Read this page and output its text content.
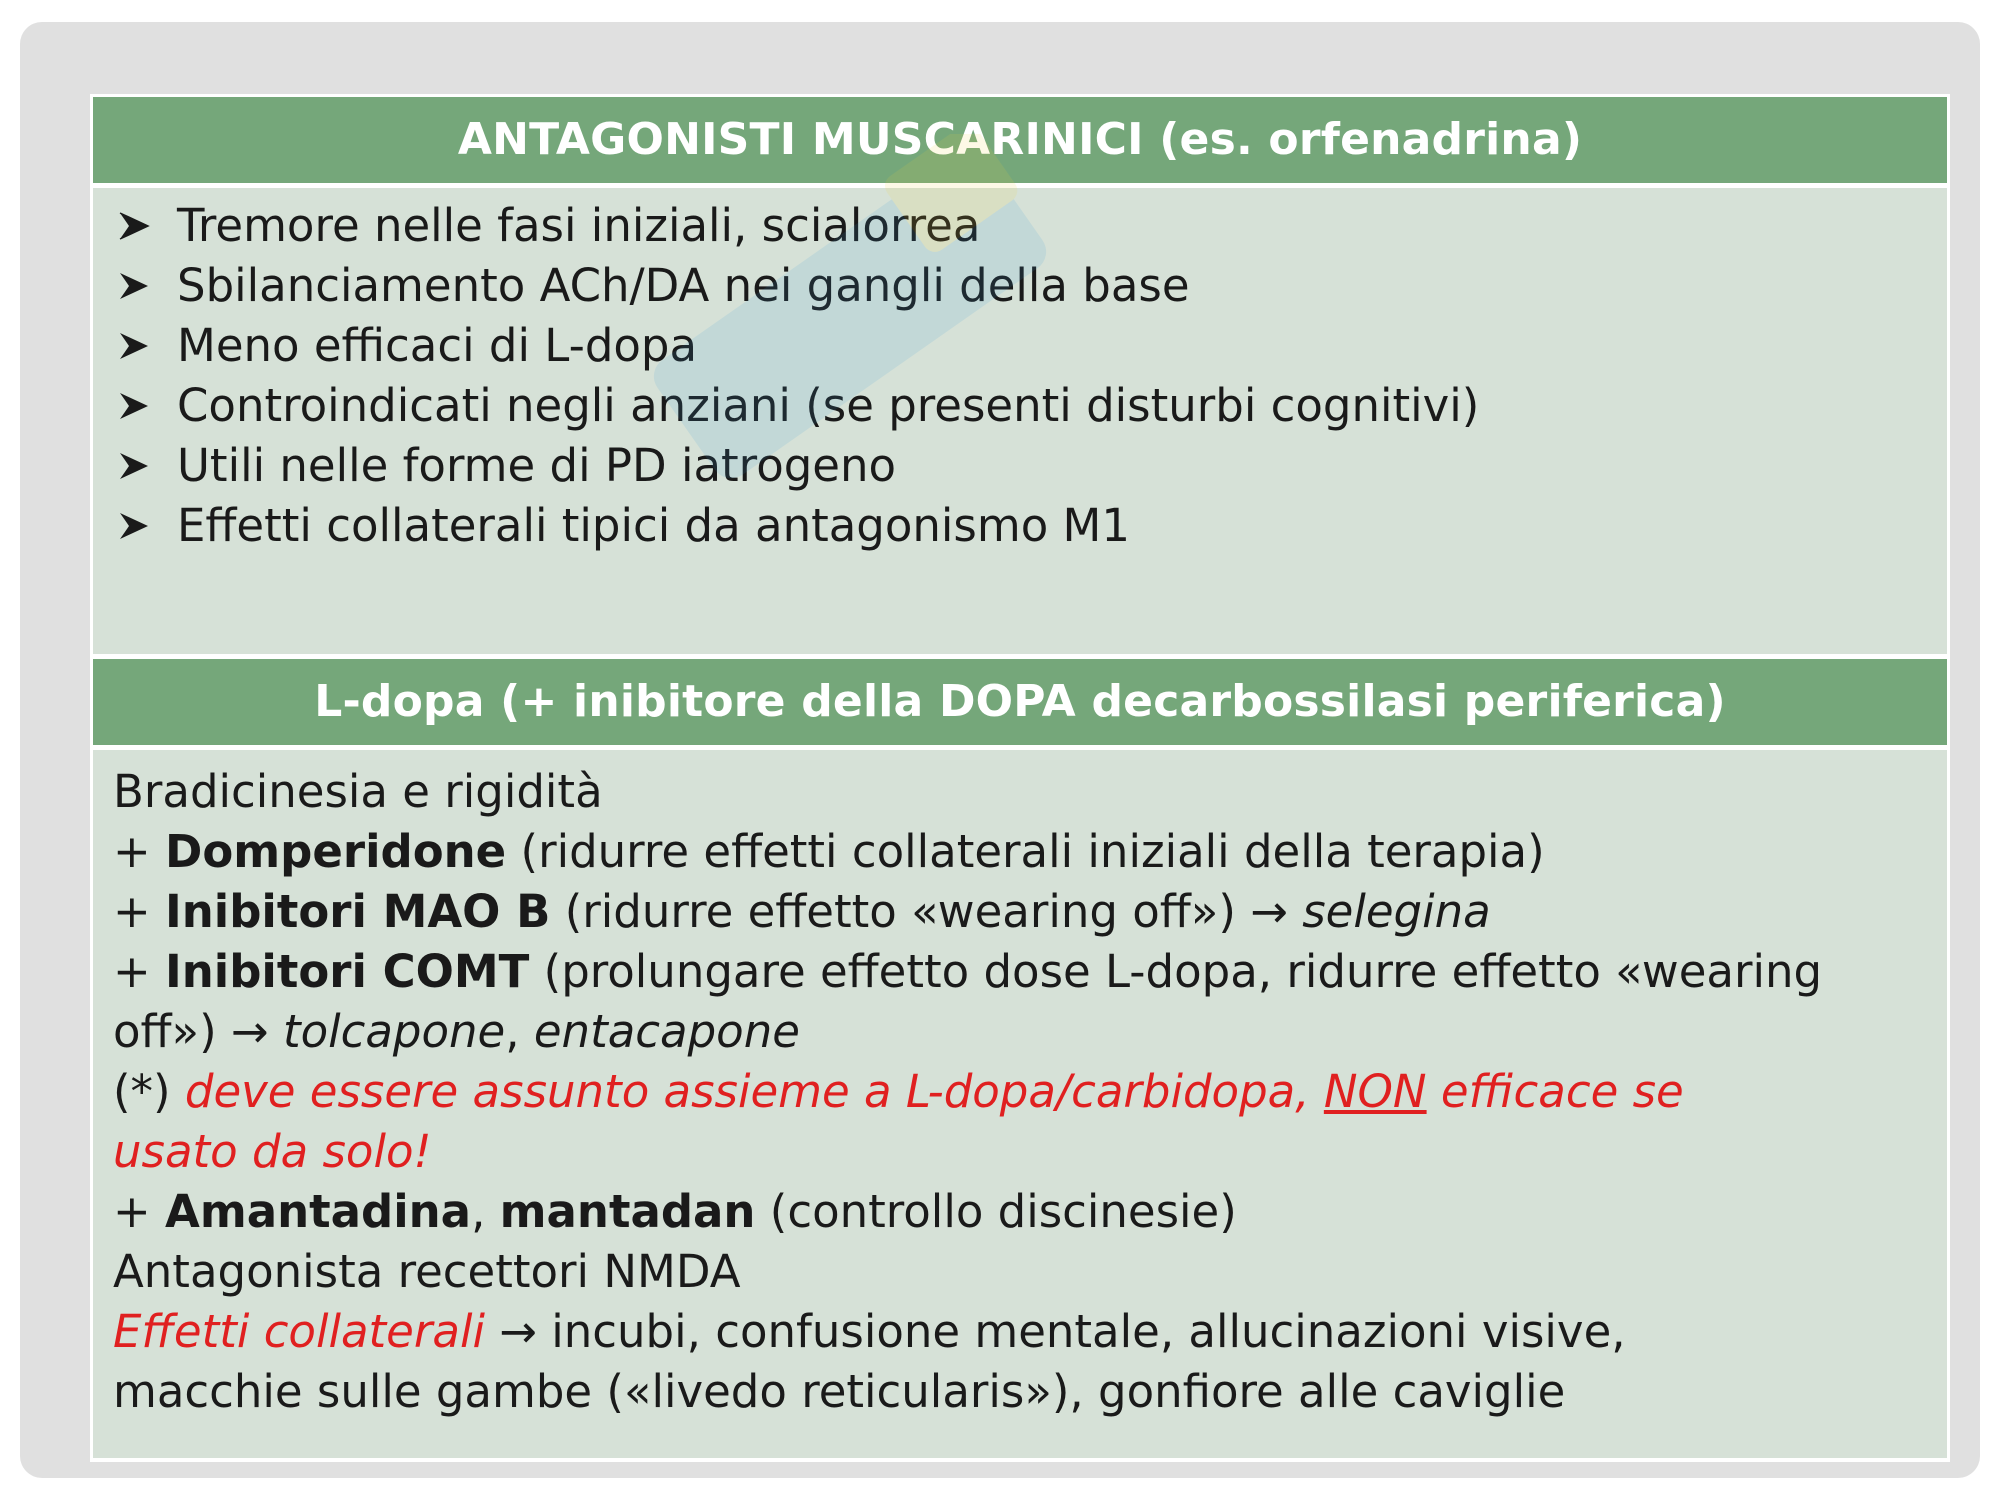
ANTAGONISTI MUSCARINICI (es. orfenadrina)
Tremore nelle fasi iniziali, scialorrea
Sbilanciamento ACh/DA nei gangli della base
Meno efficaci di L-dopa
Controindicati negli anziani (se presenti disturbi cognitivi)
Utili nelle forme di PD iatrogeno
Effetti collaterali tipici da antagonismo M1
L-dopa (+ inibitore della DOPA decarbossilasi periferica)
Bradicinesia e rigidità
+ Domperidone (ridurre effetti collaterali iniziali della terapia)
+ Inibitori MAO B (ridurre effetto «wearing off») → selegina
+ Inibitori COMT (prolungare effetto dose L-dopa, ridurre effetto «wearing
off») → tolcapone, entacapone
(*) deve essere assunto assieme a L-dopa/carbidopa, NON efficace se
usato da solo!
+ Amantadina, mantadan (controllo discinesie)
Antagonista recettori NMDA
Effetti collaterali → incubi, confusione mentale, allucinazioni visive,
macchie sulle gambe («livedo reticularis»), gonfiore alle caviglie
